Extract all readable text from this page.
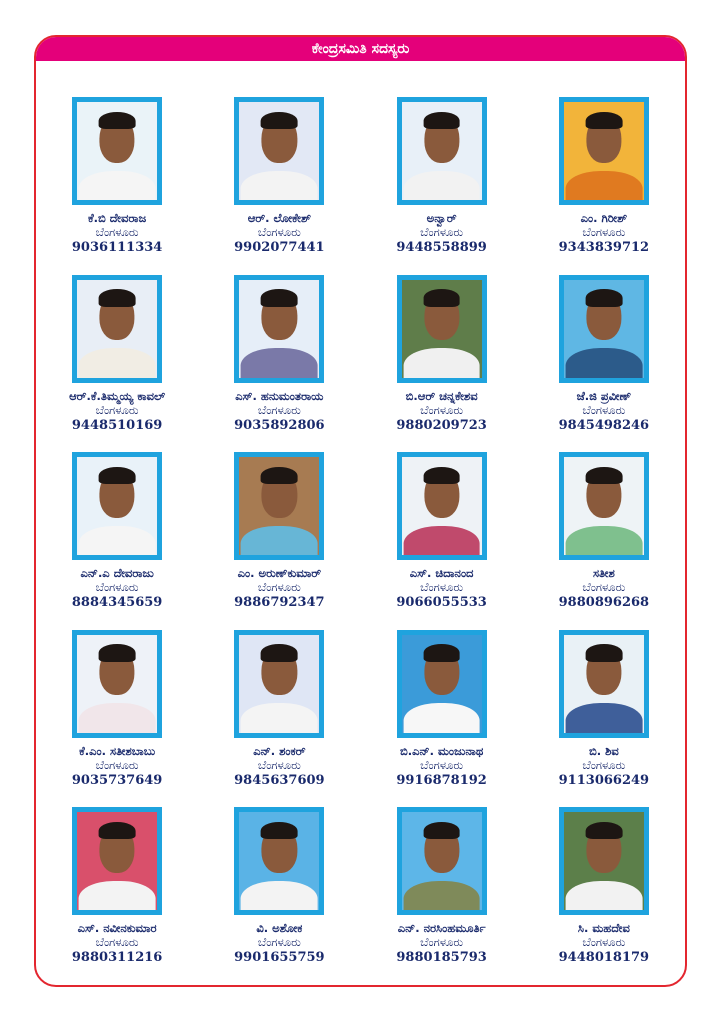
ಕೇಂದ್ರಸಮಿತಿ ಸದಸ್ಯರು
ಕೆ.ಬಿ ದೇವರಾಜ
ಬೆಂಗಳೂರು
9036111334
ಆರ್. ಲೋಕೇಶ್
ಬೆಂಗಳೂರು
9902077441
ಅನ್ವಾರ್
ಬೆಂಗಳೂರು
9448558899
ಎಂ. ಗಿರೀಶ್
ಬೆಂಗಳೂರು
9343839712
ಆರ್.ಕೆ.ತಿಮ್ಮಯ್ಯ ಕಾವಲ್
ಬೆಂಗಳೂರು
9448510169
ಎಸ್. ಹನುಮಂತರಾಯ
ಬೆಂಗಳೂರು
9035892806
ಬಿ.ಆರ್ ಚನ್ನಕೇಶವ
ಬೆಂಗಳೂರು
9880209723
ಜೆ.ಜಿ ಪ್ರವೀಣ್
ಬೆಂಗಳೂರು
9845498246
ಎನ್.ಎ ದೇವರಾಜು
ಬೆಂಗಳೂರು
8884345659
ಎಂ. ಅರುಣ್‌ಕುಮಾರ್
ಬೆಂಗಳೂರು
9886792347
ಎಸ್. ಚಿದಾನಂದ
ಬೆಂಗಳೂರು
9066055533
ಸತೀಶ
ಬೆಂಗಳೂರು
9880896268
ಕೆ.ಎಂ. ಸತೀಶಬಾಬು
ಬೆಂಗಳೂರು
9035737649
ಎನ್. ಶಂಕರ್
ಬೆಂಗಳೂರು
9845637609
ಬಿ.ಎನ್. ಮಂಜುನಾಥ
ಬೆಂಗಳೂರು
9916878192
ಬಿ. ಶಿವ
ಬೆಂಗಳೂರು
9113066249
ಎಸ್. ನವೀನಕುಮಾರ
ಬೆಂಗಳೂರು
9880311216
ವಿ. ಅಶೋಕ
ಬೆಂಗಳೂರು
9901655759
ಎನ್. ನರಸಿಂಹಮೂರ್ತಿ
ಬೆಂಗಳೂರು
9880185793
ಸಿ. ಮಹದೇವ
ಬೆಂಗಳೂರು
9448018179
